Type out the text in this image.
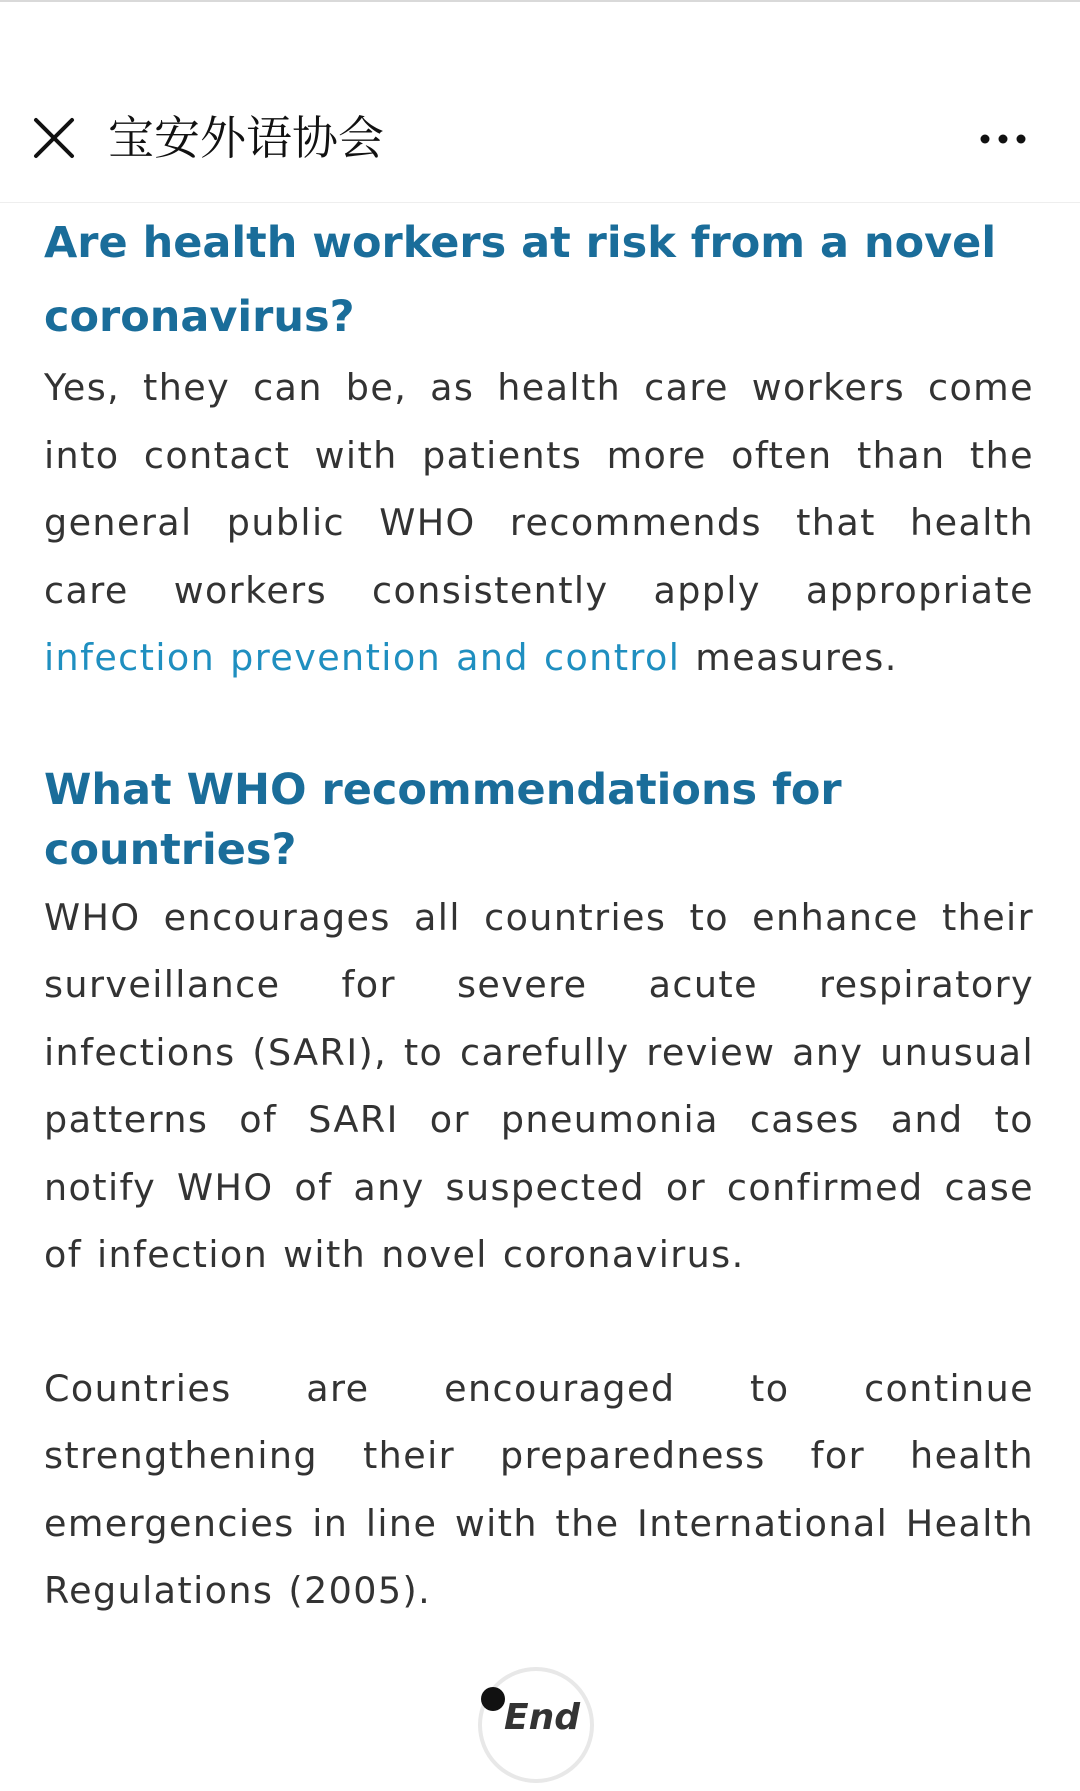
宝安外语协会
Are health workers at risk from a novel coronavirus?

Yes, they can be, as health care workers come into contact with patients more often than the general public WHO recommends that health care workers consistently apply appropriate infection prevention and control measures.

What WHO recommendations for countries?

WHO encourages all countries to enhance their surveillance for severe acute respiratory infections (SARI), to carefully review any unusual patterns of SARI or pneumonia cases and to notify WHO of any suspected or confirmed case of infection with novel coronavirus.

Countries are encouraged to continue strengthening their preparedness for health emergencies in line with the International Health Regulations (2005).

End
